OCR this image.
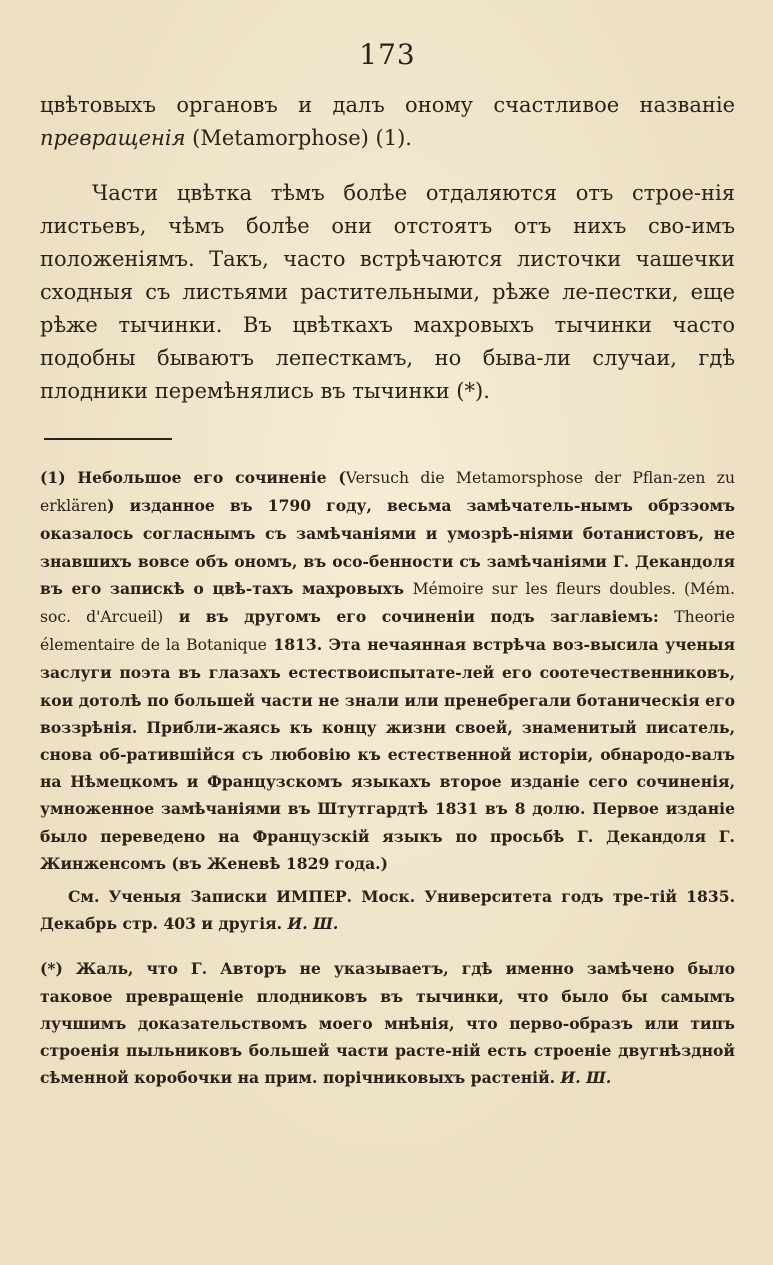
173

цвѣтовыхъ органовъ и далъ оному счастливое названіе превращенія (Metamorphose) (1).

Части цвѣтка тѣмъ болѣе отдаляются отъ строе-нія листьевъ, чѣмъ болѣе они отстоятъ отъ нихъ сво-имъ положеніямъ. Такъ, часто встрѣчаются листочки чашечки сходныя съ листьями растительными, рѣже ле-пестки, еще рѣже тычинки. Въ цвѣткахъ махровыхъ тычинки часто подобны бываютъ лепесткамъ, но быва-ли случаи, гдѣ плодники перемѣнялись въ тычинки (*).

(1) Небольшое его сочиненіе (Versuch die Metamorsphose der Pflan-zen zu erklären) изданное въ 1790 году, весьма замѣчатель-нымъ обрзэомъ оказалось согласнымъ съ замѣчаніями и умозрѣ-ніями ботанистовъ, не знавшихъ вовсе объ ономъ, въ осо-бенности съ замѣчаніями Г. Декандоля въ его запискѣ о цвѣ-тахъ махровыхъ Mémoire sur les fleurs doubles. (Mém. soc. d'Arcueil) и въ другомъ его сочиненіи подъ заглавіемъ: Theorie élementaire de la Botanique 1813. Эта нечаянная встрѣча воз-высила ученыя заслуги поэта въ глазахъ естествоиспытате-лей его соотечественниковъ, кои дотолѣ по большей части не знали или пренебрегали ботаническія его воззрѣнія. Прибли-жаясь къ концу жизни своей, знаменитый писатель, снова об-ратившійся съ любовію къ естественной исторіи, обнародо-валъ на Нѣмецкомъ и Французскомъ языкахъ второе изданіе сего сочиненія, умноженное замѣчаніями въ Штутгардтѣ 1831 въ 8 долю. Первое изданіе было переведено на Французскій языкъ по просьбѣ Г. Декандоля Г. Жинженсомъ (въ Женевѣ 1829 года.)

См. Ученыя Записки ИМПЕР. Моск. Университета годъ тре-тій 1835. Декабрь стр. 403 и другія. И. Ш.

(*) Жаль, что Г. Авторъ не указываетъ, гдѣ именно замѣчено было таковое превращеніе плодниковъ въ тычинки, что было бы самымъ лучшимъ доказательствомъ моего мнѣнія, что перво-образъ или типъ строенія пыльниковъ большей части расте-ній есть строеніе двугнѣздной сѣменной коробочки на прим. порічниковыхъ растеній. И. Ш.
